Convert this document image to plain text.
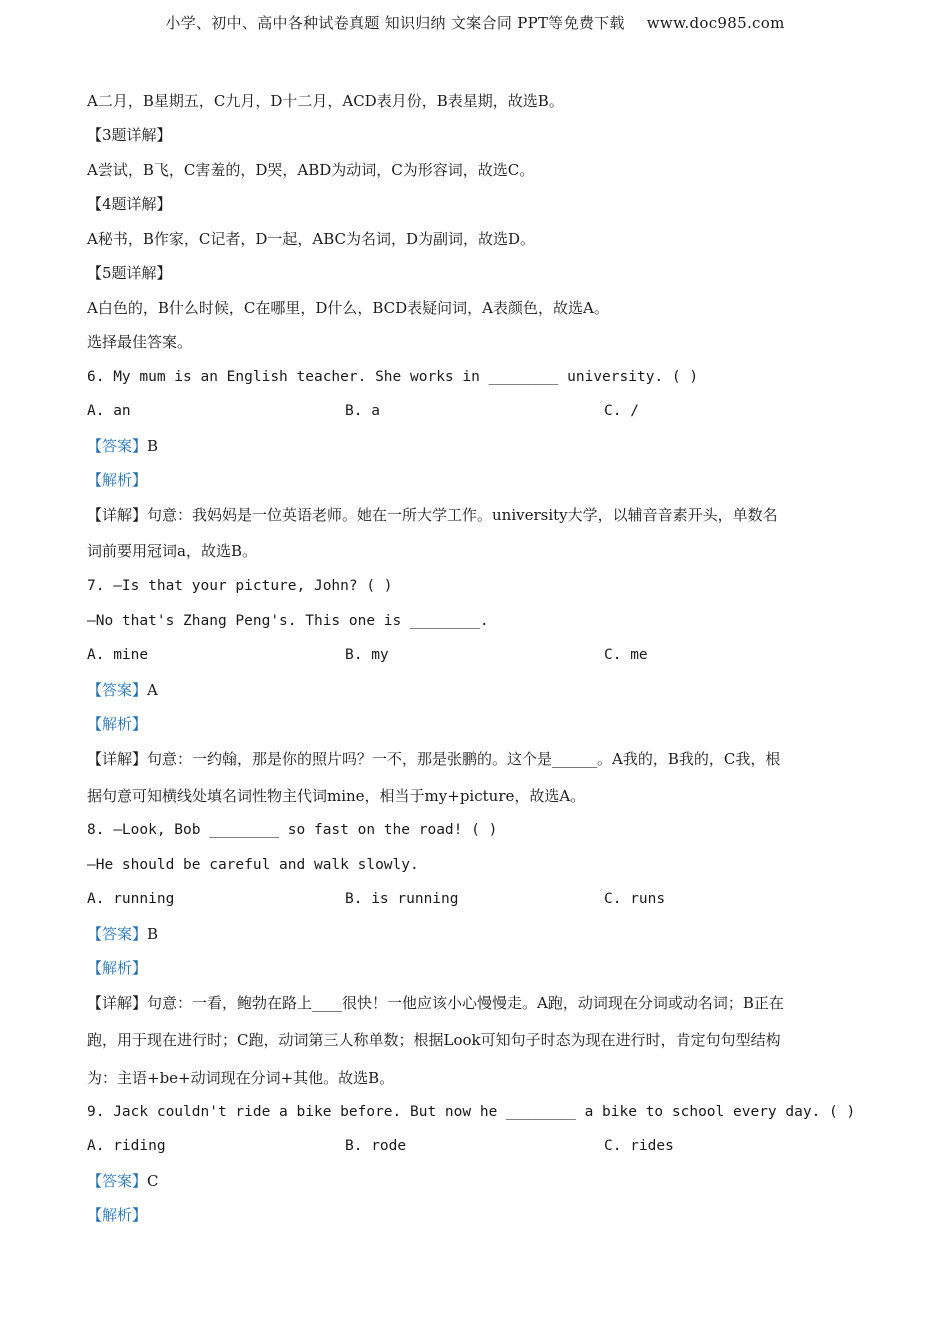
小学、初中、高中各种试卷真题 知识归纳 文案合同 PPT等免费下载 www.doc985.com
A二月，B星期五，C九月，D十二月，ACD表月份，B表星期，故选B。
【3题详解】
A尝试，B飞，C害羞的，D哭，ABD为动词，C为形容词，故选C。
【4题详解】
A秘书，B作家，C记者，D一起，ABC为名词，D为副词，故选D。
【5题详解】
A白色的，B什么时候，C在哪里，D什么，BCD表疑问词，A表颜色，故选A。
选择最佳答案。
6. My mum is an English teacher. She works in ________ university. ( )
A. an	B. a	C. /
【答案】B
【解析】
【详解】句意：我妈妈是一位英语老师。她在一所大学工作。university大学，以辅音音素开头，单数名
词前要用冠词a，故选B。
7. —Is that your picture, John? ( )
—No that's Zhang Peng's. This one is ________.
A. mine	B. my	C. me
【答案】A
【解析】
【详解】句意：一约翰，那是你的照片吗？一不，那是张鹏的。这个是______。A我的，B我的，C我，根
据句意可知横线处填名词性物主代词mine，相当于my+picture，故选A。
8. —Look, Bob ________ so fast on the road! ( )
—He should be careful and walk slowly.
A. running	B. is running	C. runs
【答案】B
【解析】
【详解】句意：一看，鲍勃在路上____很快！一他应该小心慢慢走。A跑，动词现在分词或动名词；B正在
跑，用于现在进行时；C跑，动词第三人称单数；根据Look可知句子时态为现在进行时，肯定句句型结构
为：主语+be+动词现在分词+其他。故选B。
9. Jack couldn't ride a bike before. But now he ________ a bike to school every day. ( )
A. riding	B. rode	C. rides
【答案】C
【解析】
